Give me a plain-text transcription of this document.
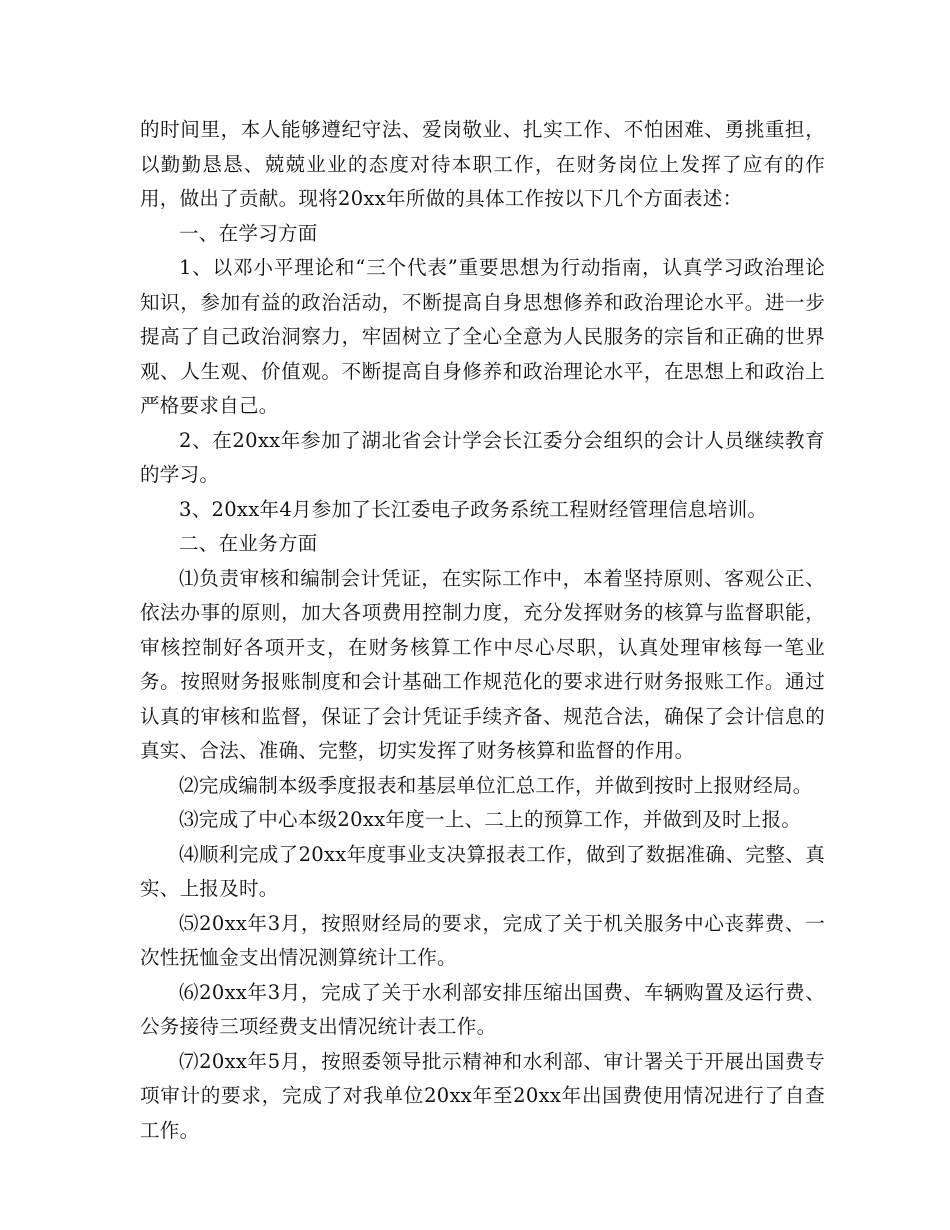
的时间里，本人能够遵纪守法、爱岗敬业、扎实工作、不怕困难、勇挑重担，以勤勤恳恳、兢兢业业的态度对待本职工作，在财务岗位上发挥了应有的作用，做出了贡献。现将20xx年所做的具体工作按以下几个方面表述：

一、在学习方面

1、以邓小平理论和“三个代表”重要思想为行动指南，认真学习政治理论知识，参加有益的政治活动，不断提高自身思想修养和政治理论水平。进一步提高了自己政治洞察力，牢固树立了全心全意为人民服务的宗旨和正确的世界观、人生观、价值观。不断提高自身修养和政治理论水平，在思想上和政治上严格要求自己。

2、在20xx年参加了湖北省会计学会长江委分会组织的会计人员继续教育的学习。

3、20xx年4月参加了长江委电子政务系统工程财经管理信息培训。

二、在业务方面

⑴负责审核和编制会计凭证，在实际工作中，本着坚持原则、客观公正、依法办事的原则，加大各项费用控制力度，充分发挥财务的核算与监督职能，审核控制好各项开支，在财务核算工作中尽心尽职，认真处理审核每一笔业务。按照财务报账制度和会计基础工作规范化的要求进行财务报账工作。通过认真的审核和监督，保证了会计凭证手续齐备、规范合法，确保了会计信息的真实、合法、准确、完整，切实发挥了财务核算和监督的作用。

⑵完成编制本级季度报表和基层单位汇总工作，并做到按时上报财经局。

⑶完成了中心本级20xx年度一上、二上的预算工作，并做到及时上报。

⑷顺利完成了20xx年度事业支决算报表工作，做到了数据准确、完整、真实、上报及时。

⑸20xx年3月，按照财经局的要求，完成了关于机关服务中心丧葬费、一次性抚恤金支出情况测算统计工作。

⑹20xx年3月，完成了关于水利部安排压缩出国费、车辆购置及运行费、公务接待三项经费支出情况统计表工作。

⑺20xx年5月，按照委领导批示精神和水利部、审计署关于开展出国费专项审计的要求，完成了对我单位20xx年至20xx年出国费使用情况进行了自查工作。
